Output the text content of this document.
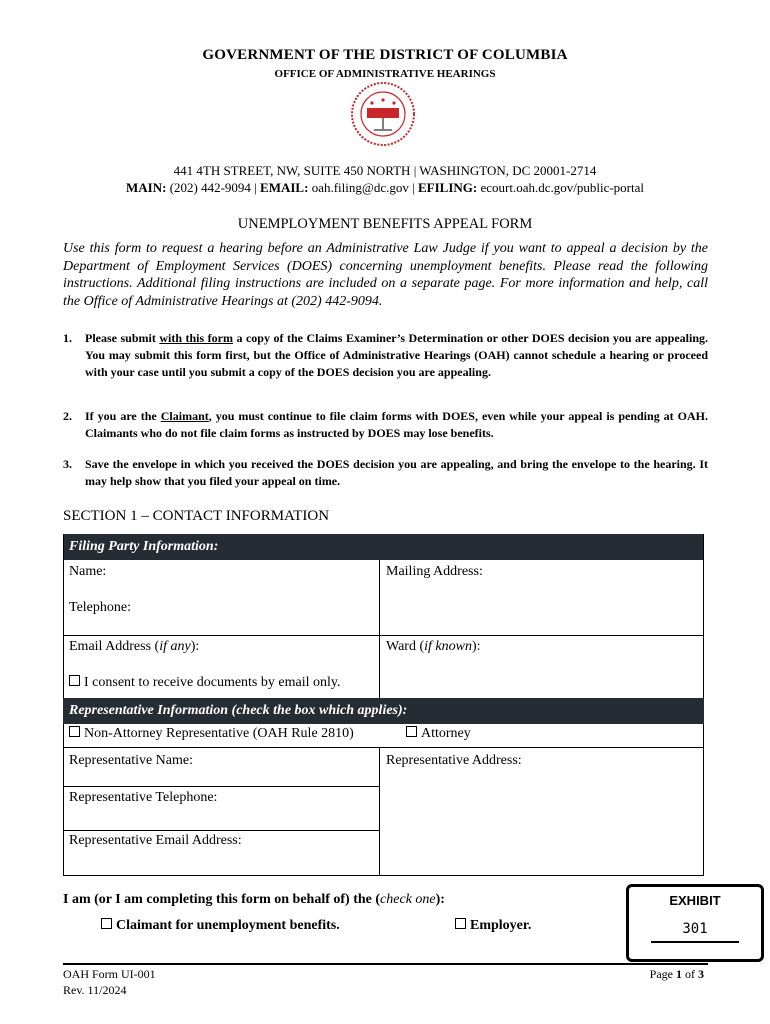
GOVERNMENT OF THE DISTRICT OF COLUMBIA
OFFICE OF ADMINISTRATIVE HEARINGS
441 4TH STREET, NW, SUITE 450 NORTH | WASHINGTON, DC 20001-2714
MAIN: (202) 442-9094 | EMAIL: oah.filing@dc.gov | EFILING: ecourt.oah.dc.gov/public-portal
UNEMPLOYMENT BENEFITS APPEAL FORM
Use this form to request a hearing before an Administrative Law Judge if you want to appeal a decision by the Department of Employment Services (DOES) concerning unemployment benefits. Please read the following instructions. Additional filing instructions are included on a separate page. For more information and help, call the Office of Administrative Hearings at (202) 442-9094.
1. Please submit with this form a copy of the Claims Examiner’s Determination or other DOES decision you are appealing. You may submit this form first, but the Office of Administrative Hearings (OAH) cannot schedule a hearing or proceed with your case until you submit a copy of the DOES decision you are appealing.
2. If you are the Claimant, you must continue to file claim forms with DOES, even while your appeal is pending at OAH. Claimants who do not file claim forms as instructed by DOES may lose benefits.
3. Save the envelope in which you received the DOES decision you are appealing, and bring the envelope to the hearing. It may help show that you filed your appeal on time.
SECTION 1 – CONTACT INFORMATION
Filing Party Information:
Name:	Mailing Address:
Telephone:
Email Address (if any):	Ward (if known):
I consent to receive documents by email only.
Representative Information (check the box which applies):
Non-Attorney Representative (OAH Rule 2810)	Attorney
Representative Name:	Representative Address:
Representative Telephone:
Representative Email Address:
I am (or I am completing this form on behalf of) the (check one):
Claimant for unemployment benefits.	Employer.
EXHIBIT
301
OAH Form UI-001
Rev. 11/2024
Page 1 of 3
